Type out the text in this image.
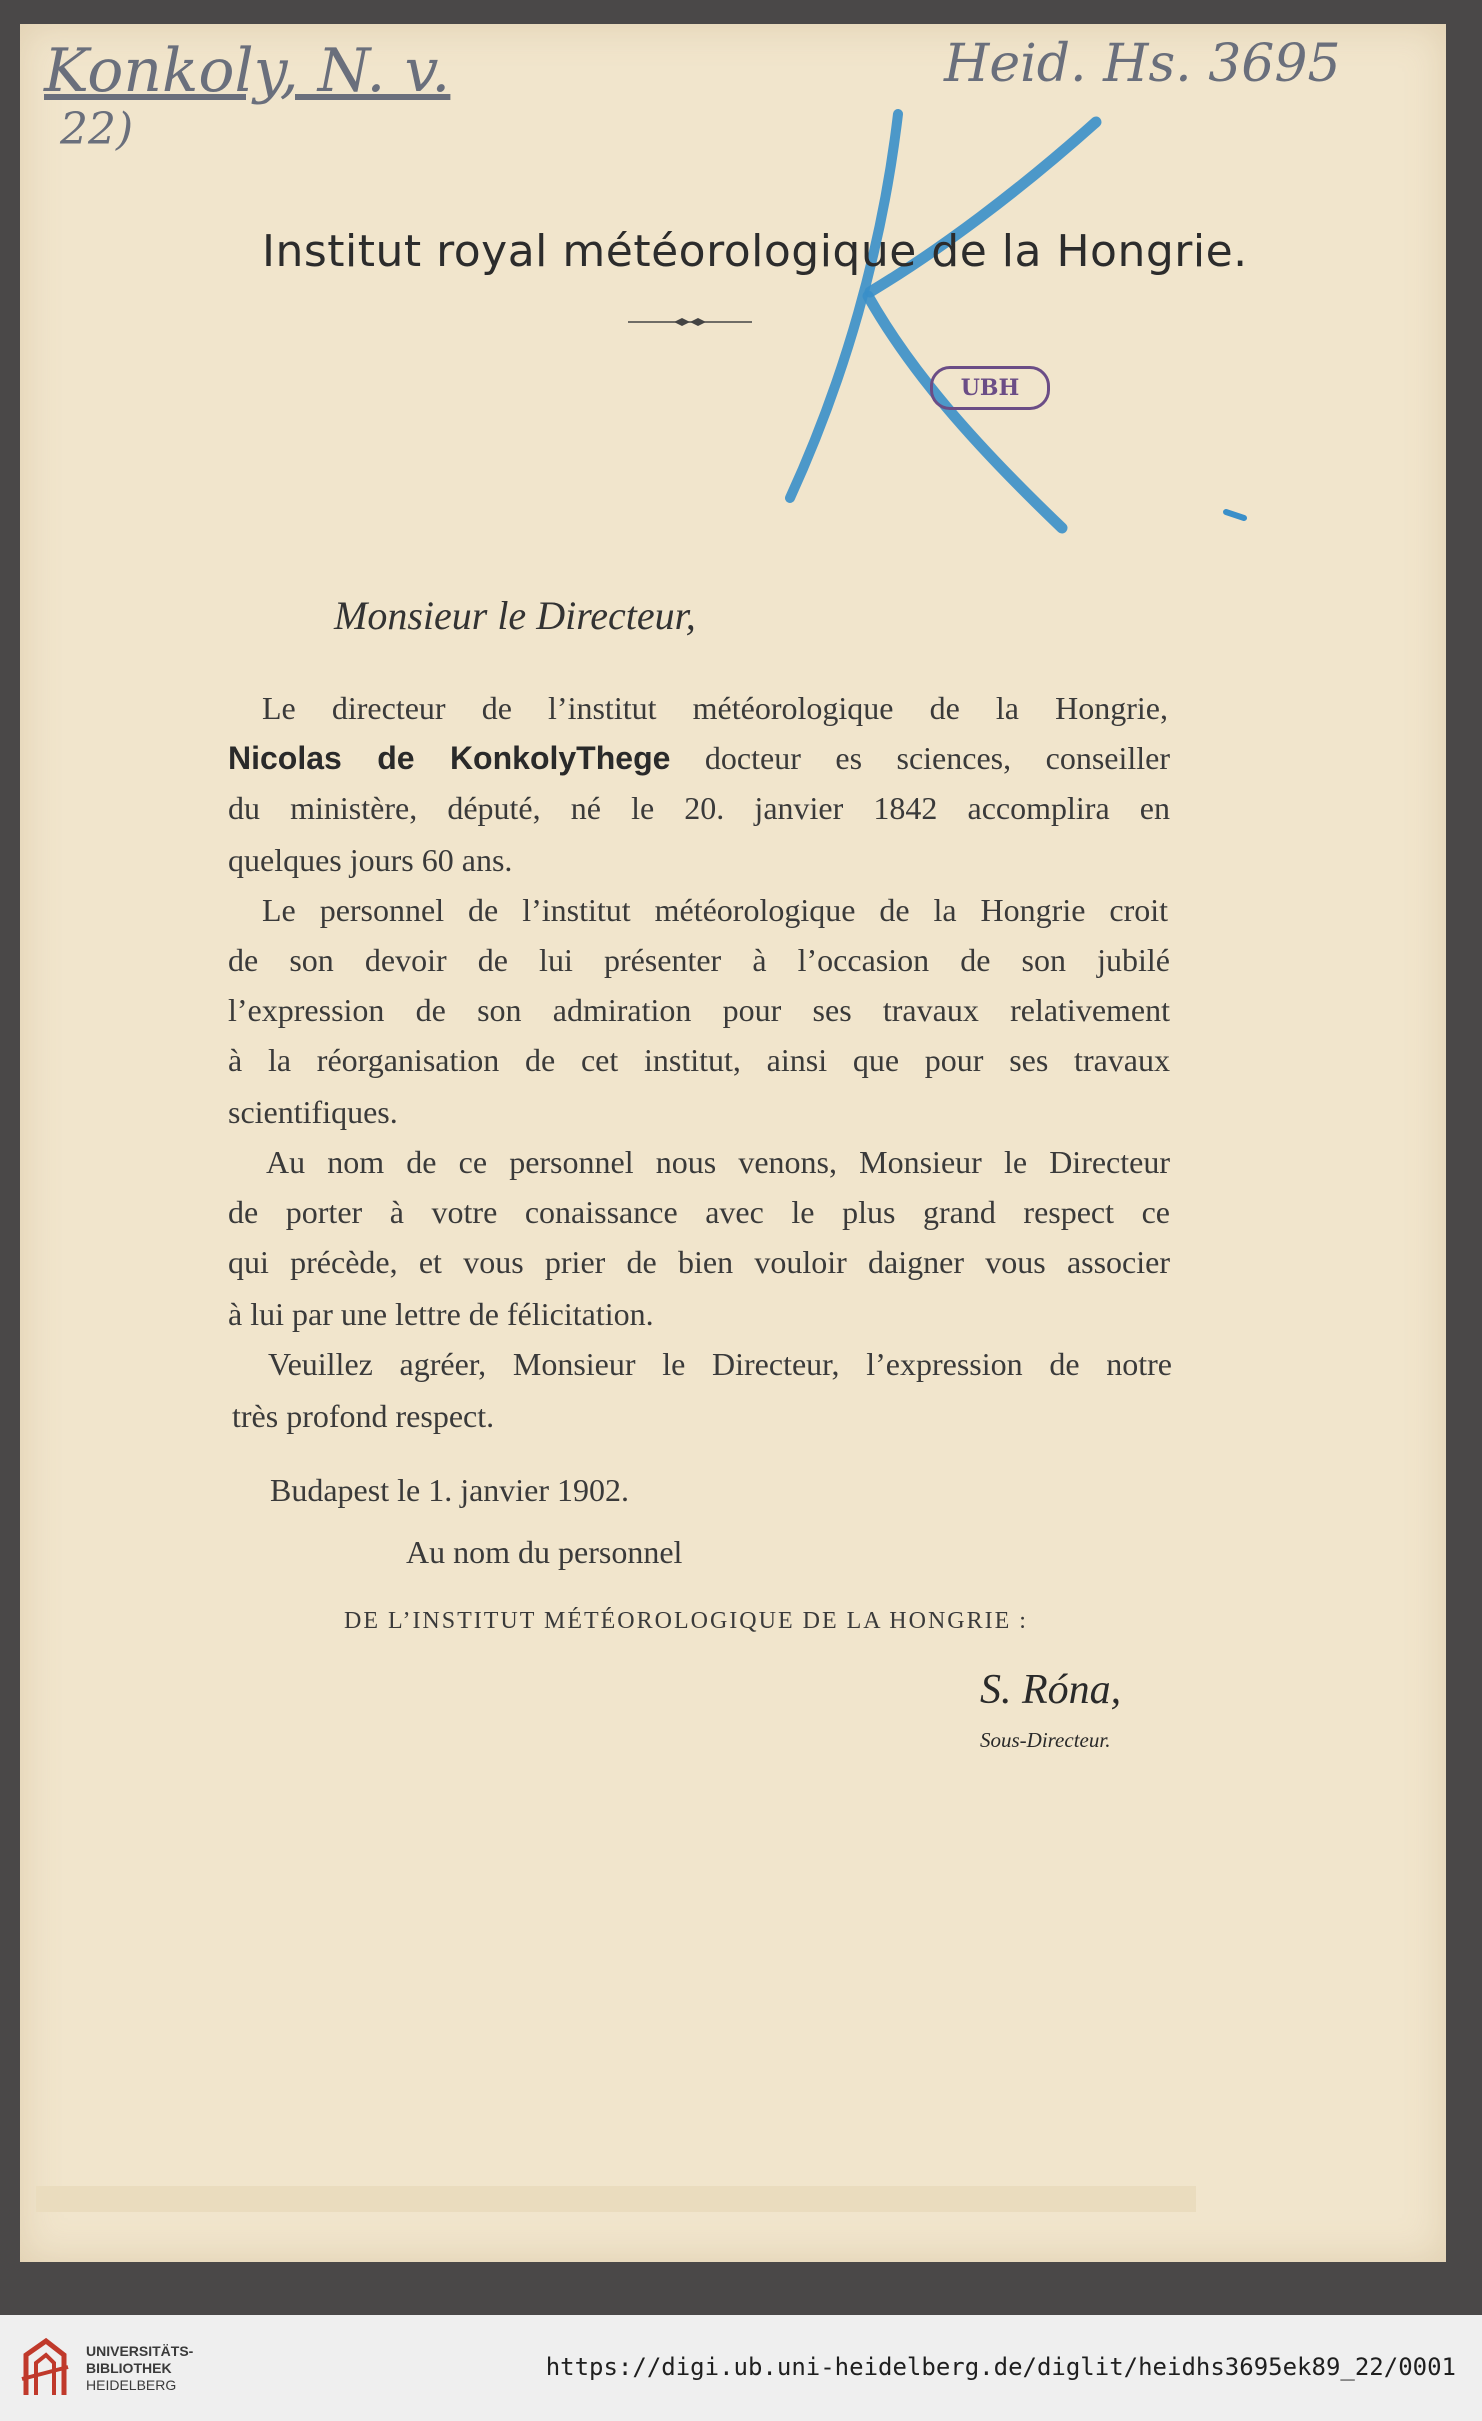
Konkoly, N. v.
22)
Heid. Hs. 3695
Institut royal météorologique de la Hongrie.
UBH
Monsieur le Directeur,
Le directeur de l’institut météorologique de la Hongrie,
Nicolas de KonkolyThege docteur es sciences, conseiller
du ministère, député, né le 20. janvier 1842 accomplira en
quelques jours 60 ans.
Le personnel de l’institut météorologique de la Hongrie croit
de son devoir de lui présenter à l’occasion de son jubilé
l’expression de son admiration pour ses travaux relativement
à la réorganisation de cet institut, ainsi que pour ses travaux
scientifiques.
Au nom de ce personnel nous venons, Monsieur le Directeur
de porter à votre conaissance avec le plus grand respect ce
qui précède, et vous prier de bien vouloir daigner vous associer
à lui par une lettre de félicitation.
Veuillez agréer, Monsieur le Directeur, l’expression de notre
très profond respect.
Budapest le 1. janvier 1902.
Au nom du personnel
DE L’INSTITUT MÉTÉOROLOGIQUE DE LA HONGRIE :
S. Róna,
Sous-Directeur.
UNIVERSITÄTS-
BIBLIOTHEK
HEIDELBERG
https://digi.ub.uni-heidelberg.de/diglit/heidhs3695ek89_22/0001
